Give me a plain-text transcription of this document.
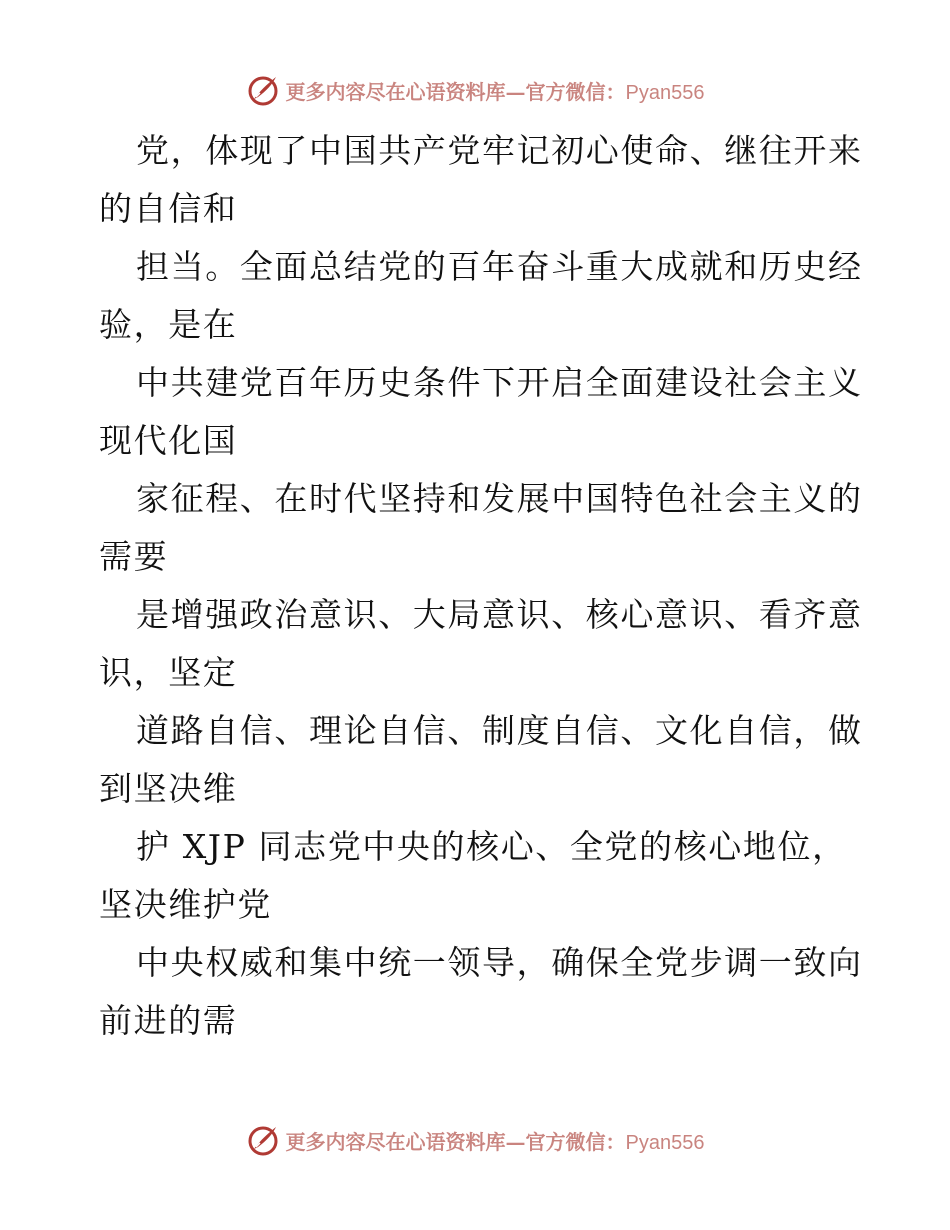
更多内容尽在心语资料库—官方微信：Pyan556
党，体现了中国共产党牢记初心使命、继往开来
的自信和
担当。全面总结党的百年奋斗重大成就和历史经
验，是在
中共建党百年历史条件下开启全面建设社会主义
现代化国
家征程、在时代坚持和发展中国特色社会主义的
需要
是增强政治意识、大局意识、核心意识、看齐意
识，坚定
道路自信、理论自信、制度自信、文化自信，做
到坚决维
护 XJP 同志党中央的核心、全党的核心地位，
坚决维护党
中央权威和集中统一领导，确保全党步调一致向
前进的需
更多内容尽在心语资料库—官方微信：Pyan556
